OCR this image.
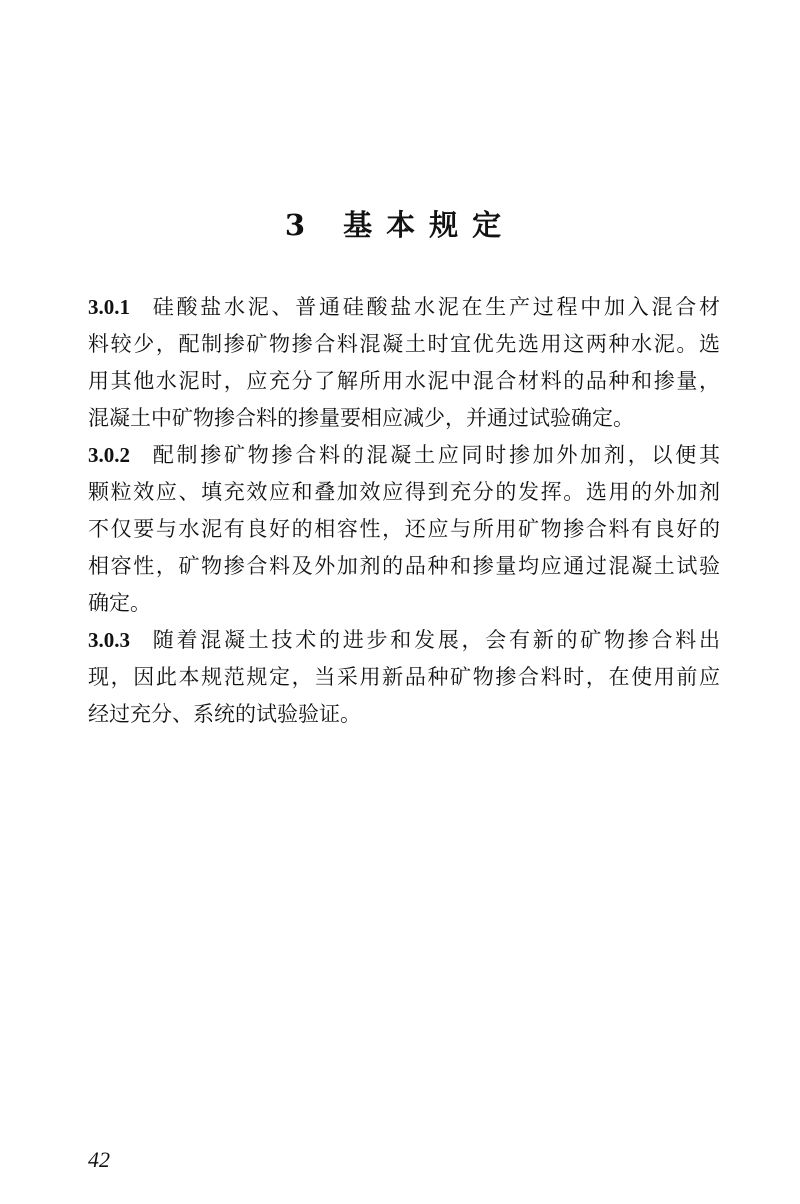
3 基本规定
3.0.1 硅酸盐水泥、普通硅酸盐水泥在生产过程中加入混合材
料较少，配制掺矿物掺合料混凝土时宜优先选用这两种水泥。选
用其他水泥时，应充分了解所用水泥中混合材料的品种和掺量，
混凝土中矿物掺合料的掺量要相应减少，并通过试验确定。
3.0.2 配制掺矿物掺合料的混凝土应同时掺加外加剂，以便其
颗粒效应、填充效应和叠加效应得到充分的发挥。选用的外加剂
不仅要与水泥有良好的相容性，还应与所用矿物掺合料有良好的
相容性，矿物掺合料及外加剂的品种和掺量均应通过混凝土试验
确定。
3.0.3 随着混凝土技术的进步和发展，会有新的矿物掺合料出
现，因此本规范规定，当采用新品种矿物掺合料时，在使用前应
经过充分、系统的试验验证。
42
